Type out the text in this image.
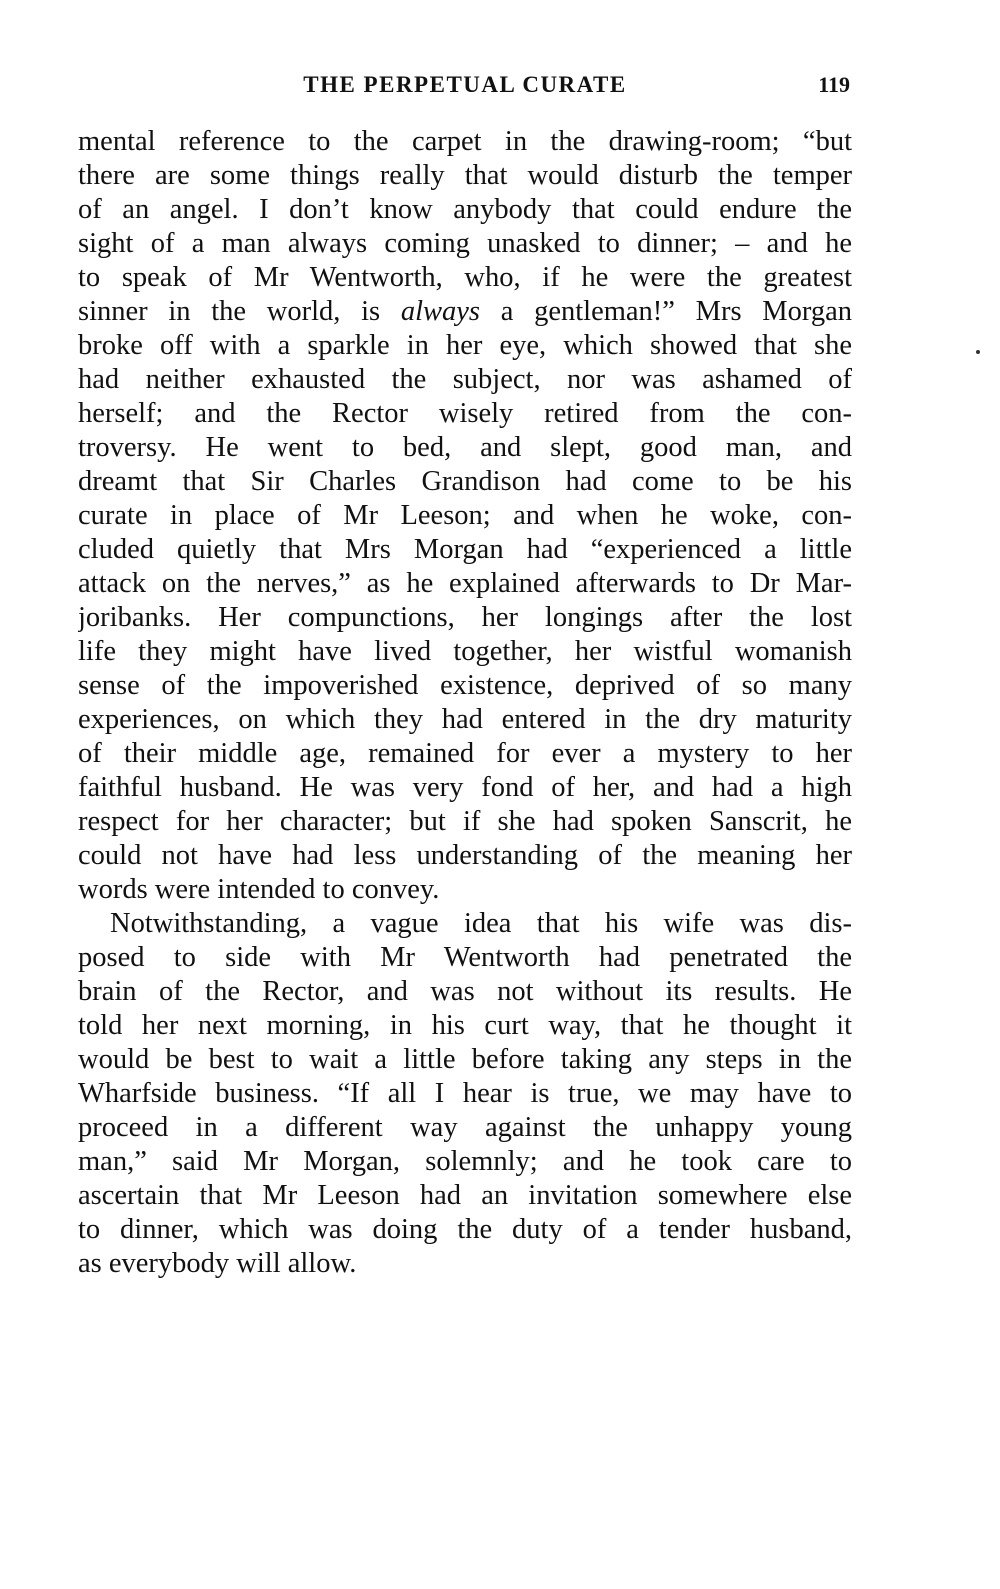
THE PERPETUAL CURATE	119
mental reference to the carpet in the drawing-room; “but
there are some things really that would disturb the temper
of an angel. I don’t know anybody that could endure the
sight of a man always coming unasked to dinner; – and he
to speak of Mr Wentworth, who, if he were the greatest
sinner in the world, is always a gentleman!” Mrs Morgan
broke off with a sparkle in her eye, which showed that she
had neither exhausted the subject, nor was ashamed of
herself; and the Rector wisely retired from the con-
troversy. He went to bed, and slept, good man, and
dreamt that Sir Charles Grandison had come to be his
curate in place of Mr Leeson; and when he woke, con-
cluded quietly that Mrs Morgan had “experienced a little
attack on the nerves,” as he explained afterwards to Dr Mar-
joribanks. Her compunctions, her longings after the lost
life they might have lived together, her wistful womanish
sense of the impoverished existence, deprived of so many
experiences, on which they had entered in the dry maturity
of their middle age, remained for ever a mystery to her
faithful husband. He was very fond of her, and had a high
respect for her character; but if she had spoken Sanscrit, he
could not have had less understanding of the meaning her
words were intended to convey.
Notwithstanding, a vague idea that his wife was dis-
posed to side with Mr Wentworth had penetrated the
brain of the Rector, and was not without its results. He
told her next morning, in his curt way, that he thought it
would be best to wait a little before taking any steps in the
Wharfside business. “If all I hear is true, we may have to
proceed in a different way against the unhappy young
man,” said Mr Morgan, solemnly; and he took care to
ascertain that Mr Leeson had an invitation somewhere else
to dinner, which was doing the duty of a tender husband,
as everybody will allow.
